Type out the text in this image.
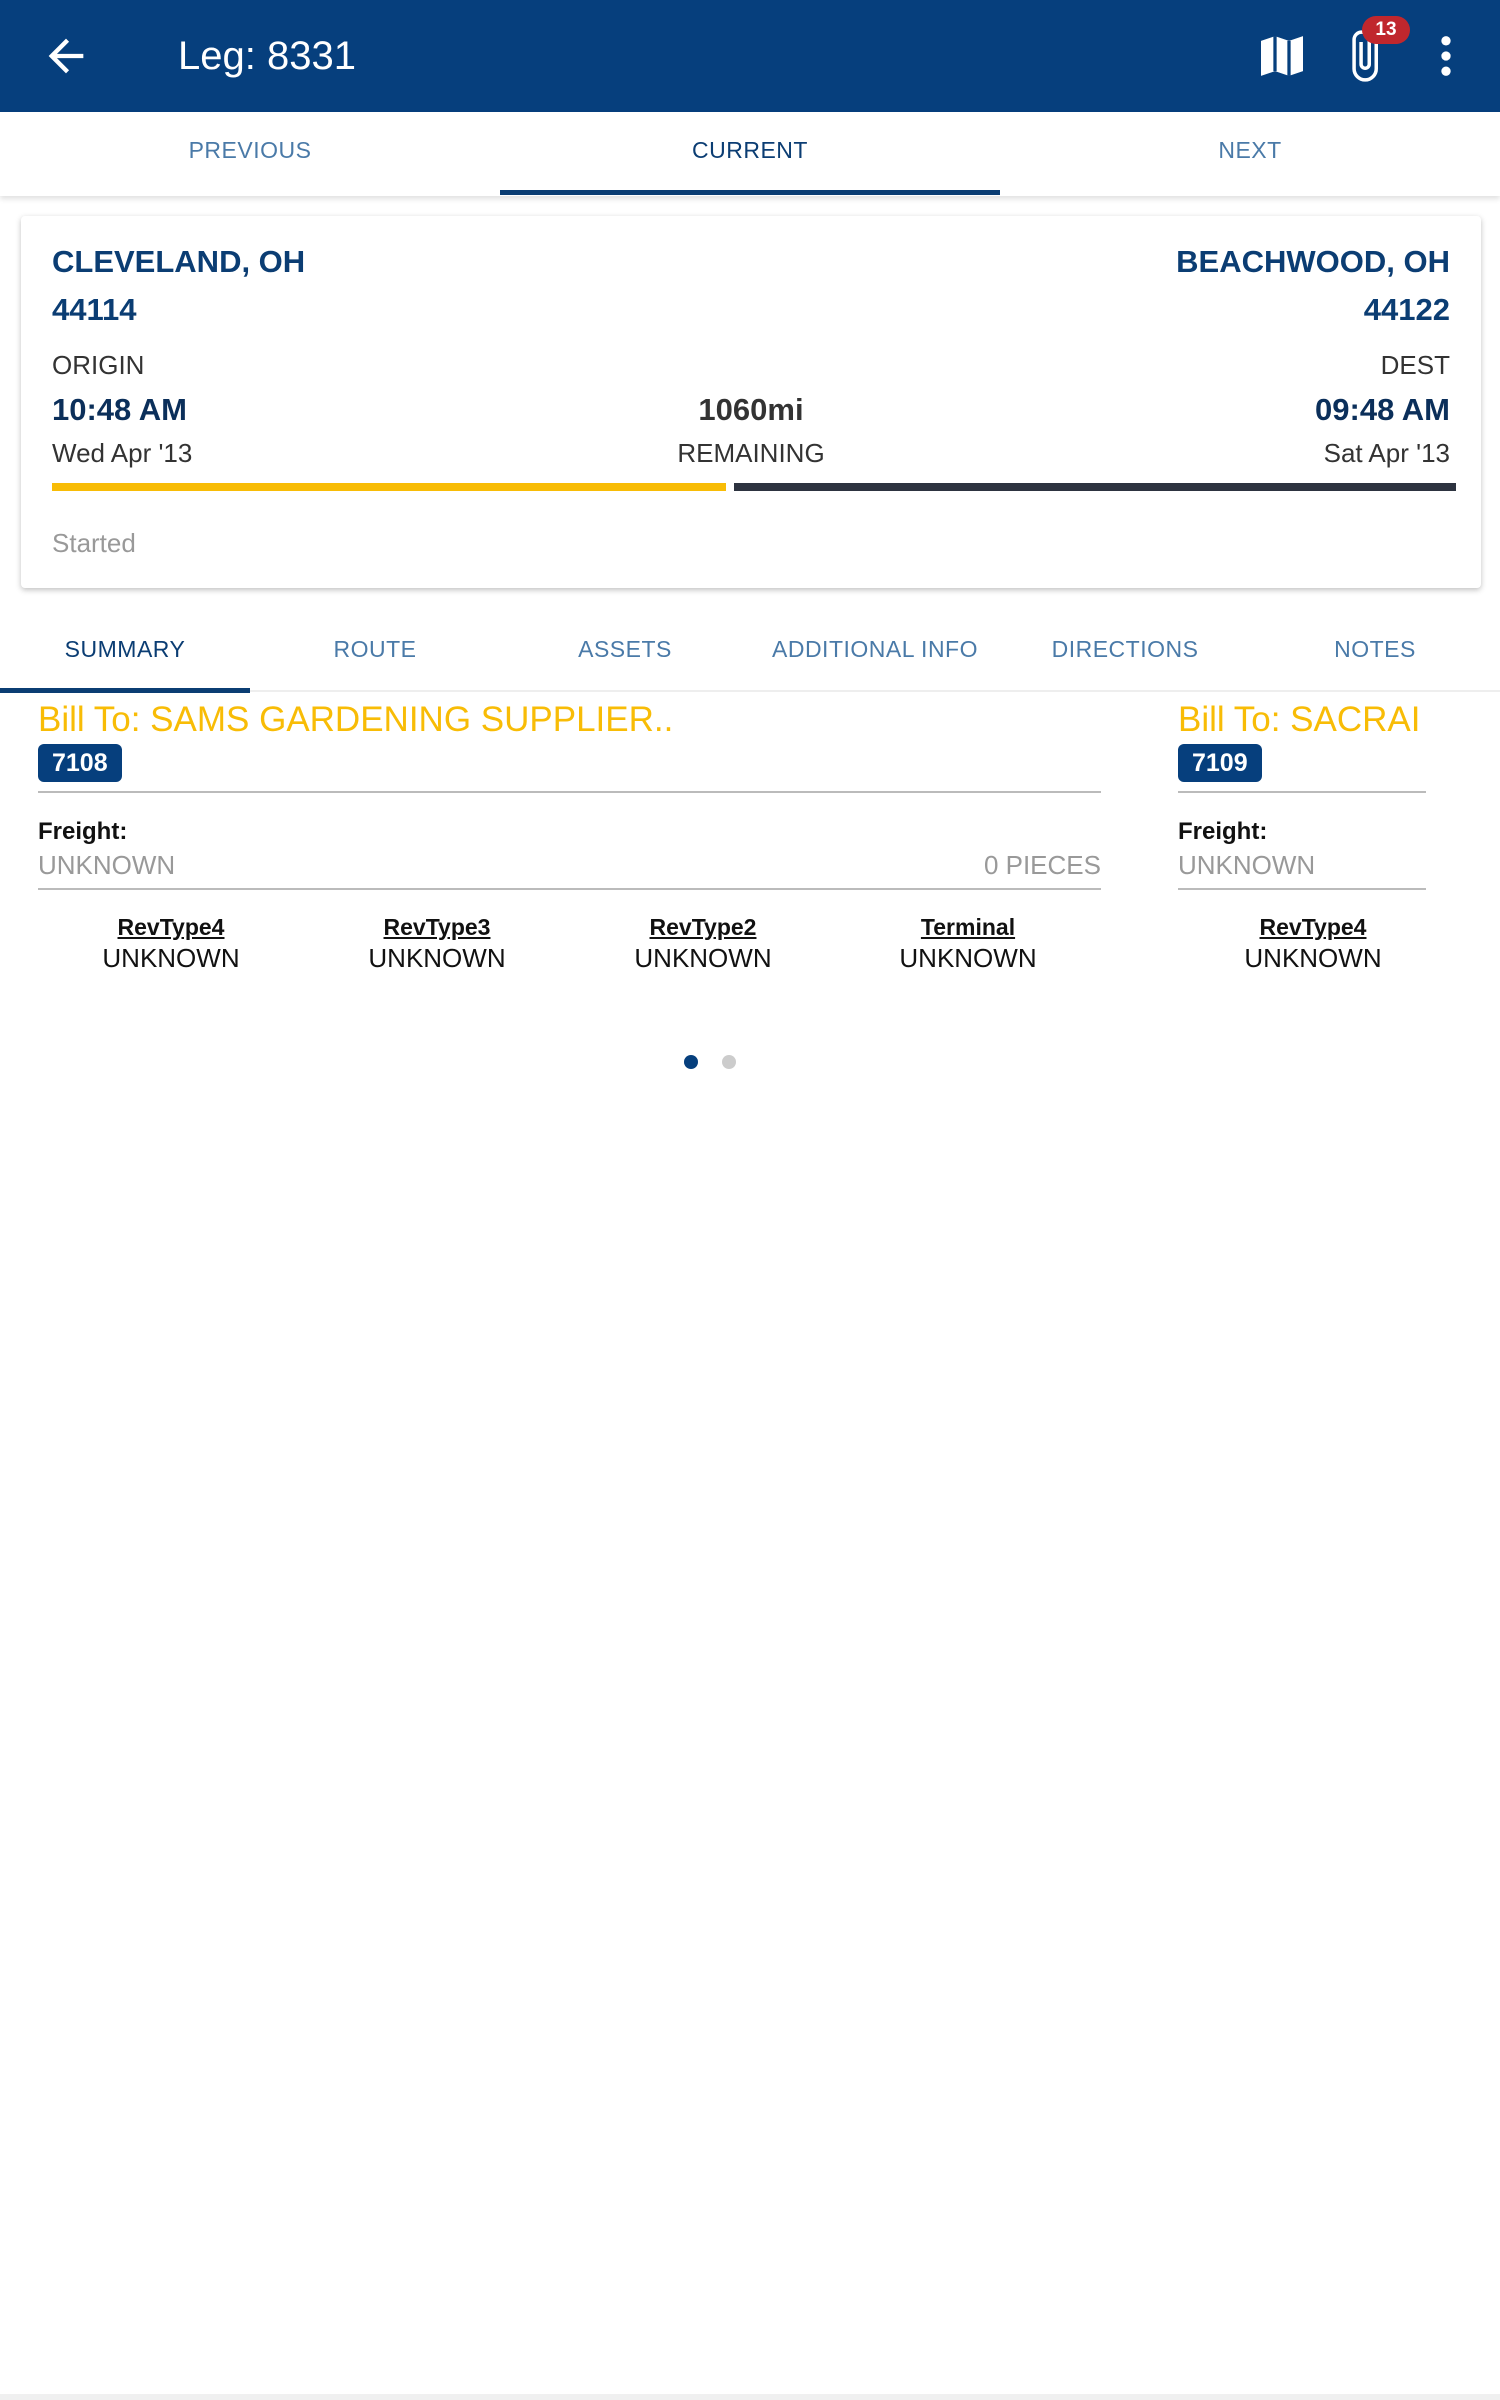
Leg: 8331
13
PREVIOUS	CURRENT	NEXT
CLEVELAND, OH
44114
ORIGIN
10:48 AM
Wed Apr '13
BEACHWOOD, OH
44122
DEST
09:48 AM
Sat Apr '13
1060mi
REMAINING
Started
SUMMARY	ROUTE	ASSETS	ADDITIONAL INFO	DIRECTIONS	NOTES
Bill To: SAMS GARDENING SUPPLIER..
7108
Freight:
UNKNOWN	0 PIECES
RevType4
UNKNOWN
RevType3
UNKNOWN
RevType2
UNKNOWN
Terminal
UNKNOWN
Bill To: SACRAI
7109
Freight:
UNKNOWN
RevType4
UNKNOWN
